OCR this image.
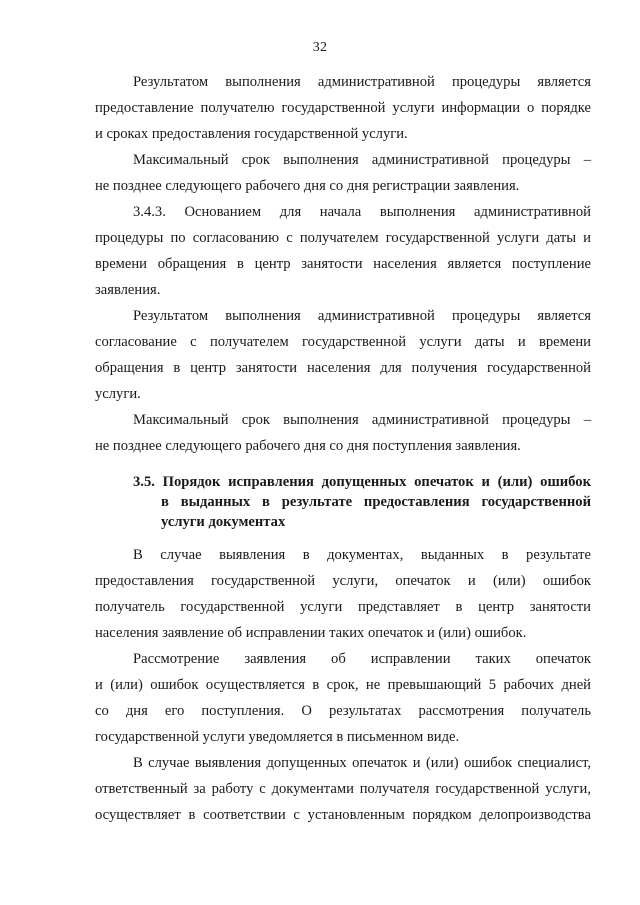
32
Результатом выполнения административной процедуры является
предоставление получателю государственной услуги информации о порядке
и сроках предоставления государственной услуги.
Максимальный срок выполнения административной процедуры –
не позднее следующего рабочего дня со дня регистрации заявления.
3.4.3. Основанием для начала выполнения административной
процедуры по согласованию с получателем государственной услуги даты и
времени обращения в центр занятости населения является поступление
заявления.
Результатом выполнения административной процедуры является
согласование с получателем государственной услуги даты и времени
обращения в центр занятости населения для получения государственной
услуги.
Максимальный срок выполнения административной процедуры –
не позднее следующего рабочего дня со дня поступления заявления.
3.5. Порядок исправления допущенных опечаток и (или) ошибок
в выданных в результате предоставления государственной
услуги документах
В случае выявления в документах, выданных в результате
предоставления государственной услуги, опечаток и (или) ошибок
получатель государственной услуги представляет в центр занятости
населения заявление об исправлении таких опечаток и (или) ошибок.
Рассмотрение заявления об исправлении таких опечаток
и (или) ошибок осуществляется в срок, не превышающий 5 рабочих дней
со дня его поступления. О результатах рассмотрения получатель
государственной услуги уведомляется в письменном виде.
В случае выявления допущенных опечаток и (или) ошибок специалист,
ответственный за работу с документами получателя государственной услуги,
осуществляет в соответствии с установленным порядком делопроизводства
